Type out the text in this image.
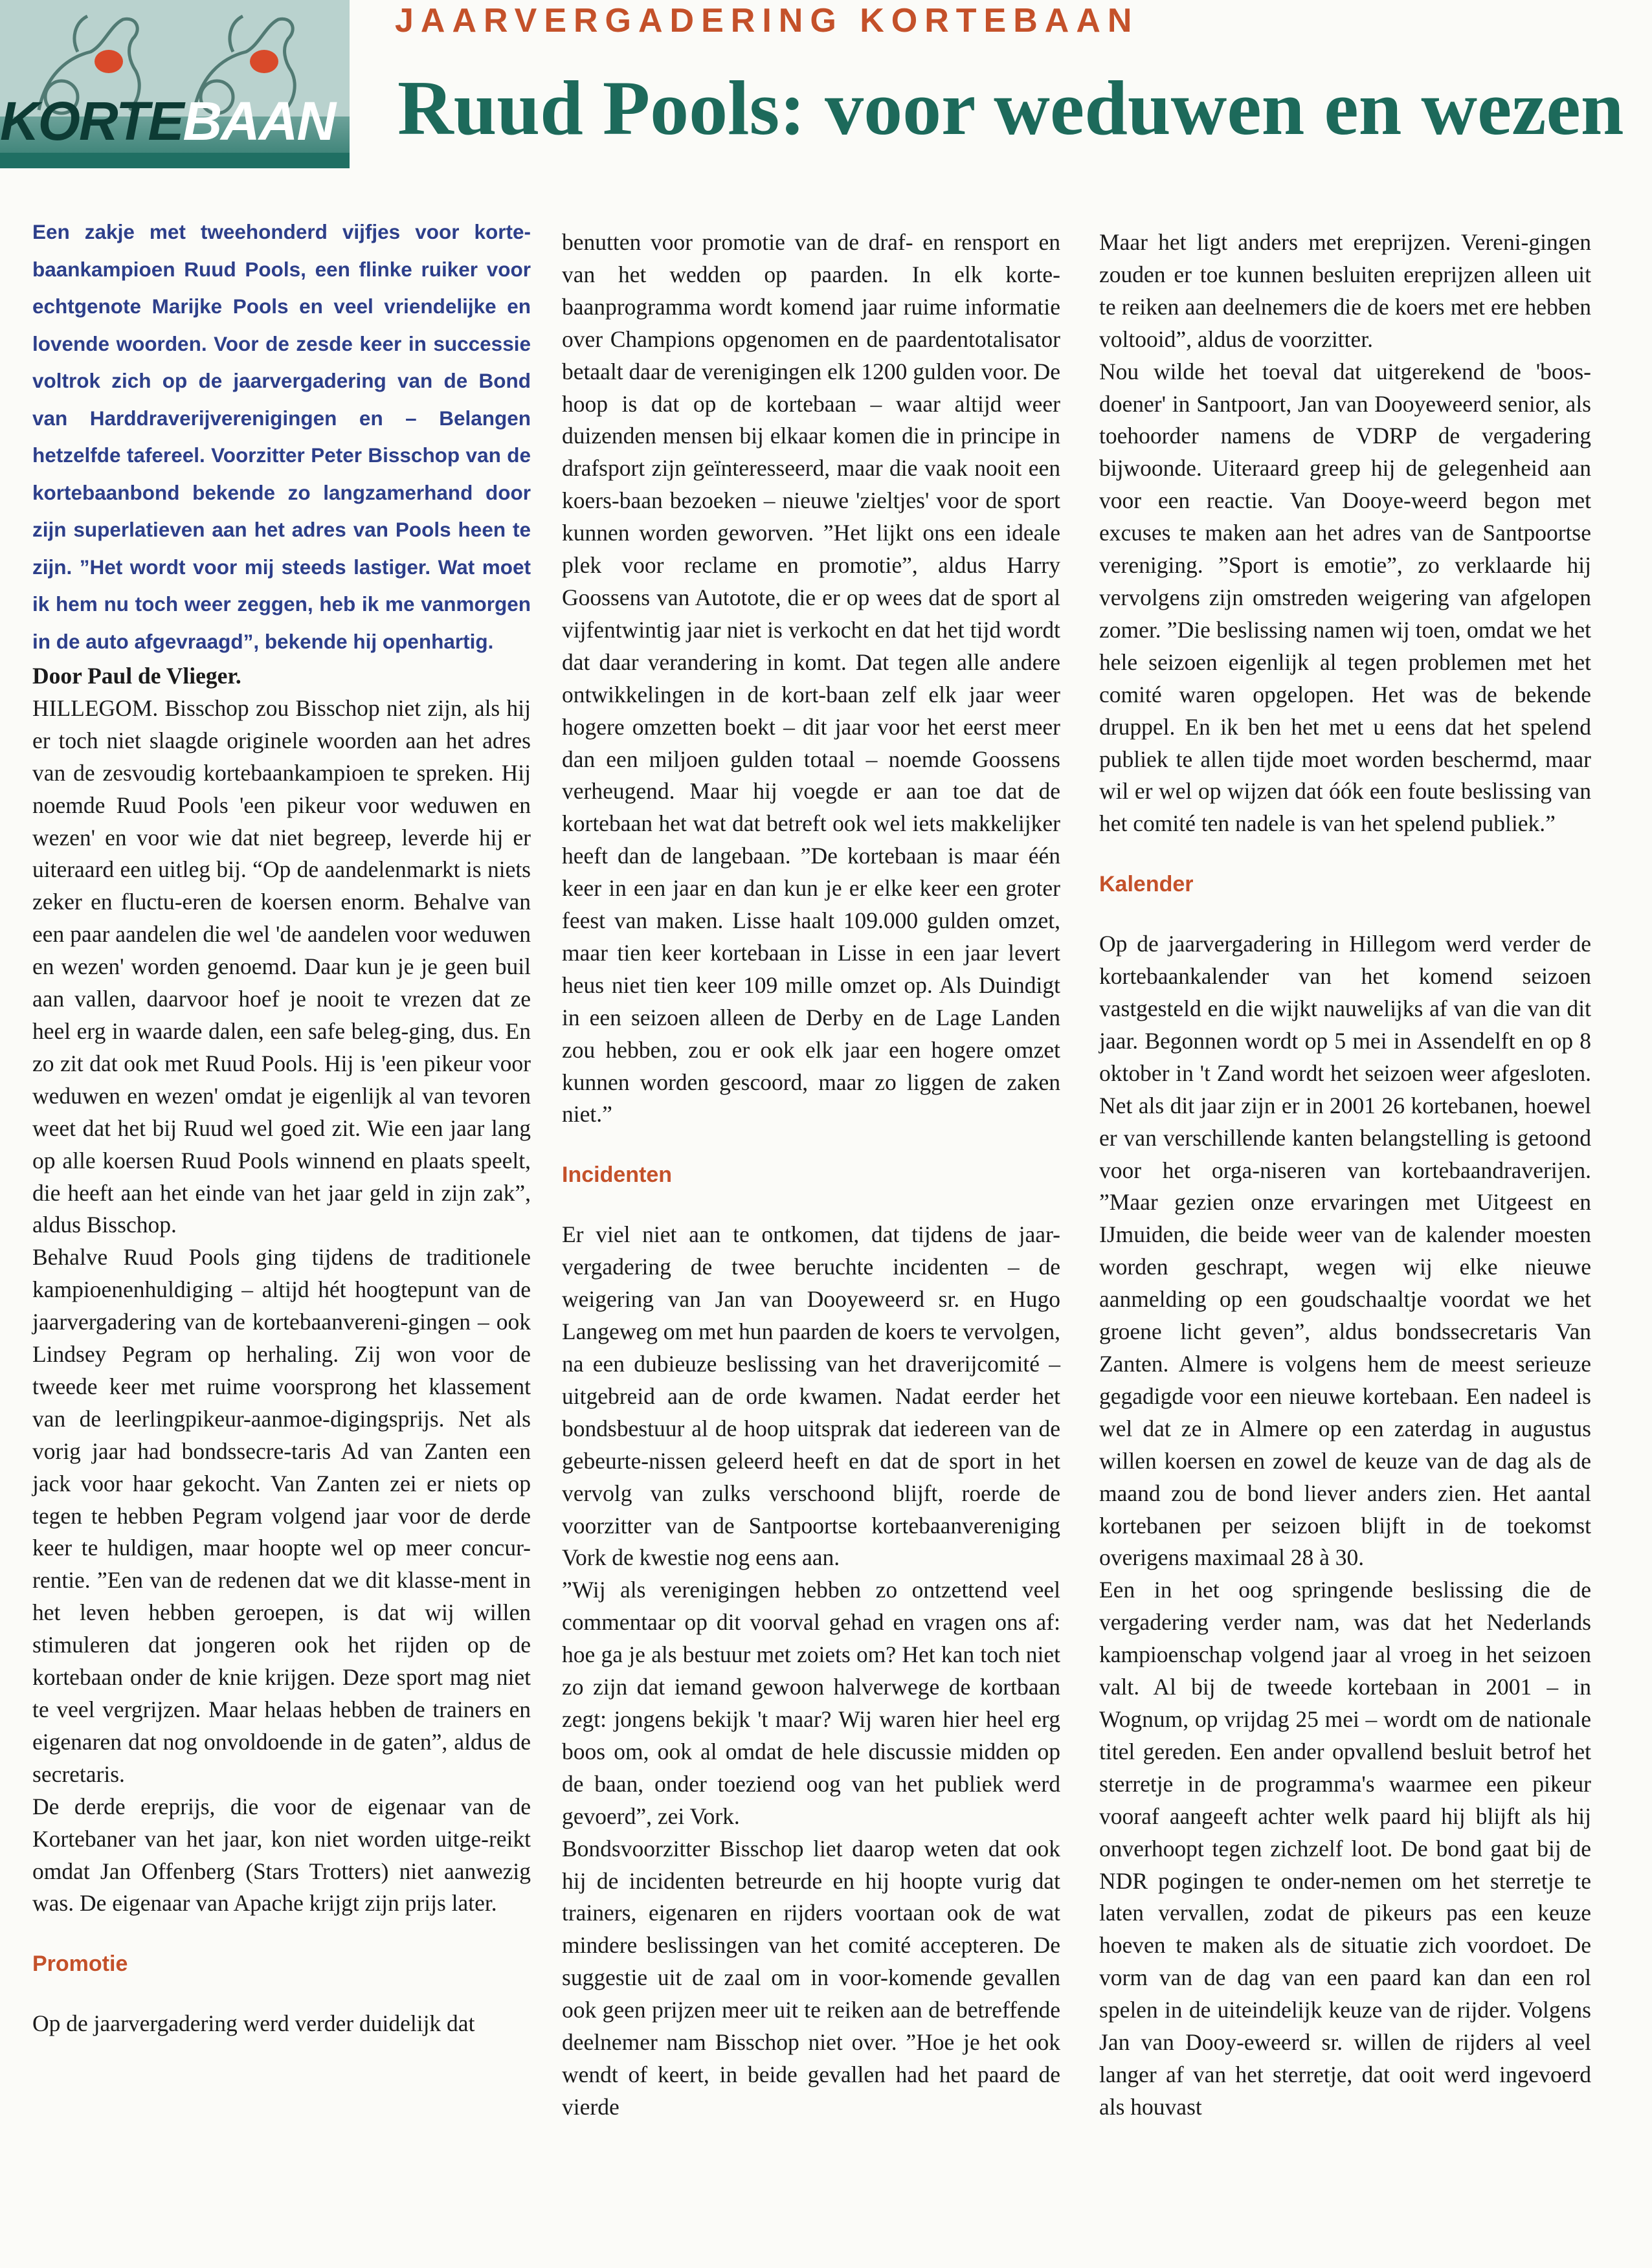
KORTEBAAN
JAARVERGADERING KORTEBAAN
Ruud Pools: voor weduwen en wezen

Een zakje met tweehonderd vijfjes voor korte-baankampioen Ruud Pools, een flinke ruiker voor echtgenote Marijke Pools en veel vriendelijke en lovende woorden. Voor de zesde keer in successie voltrok zich op de jaarvergadering van de Bond van Harddraverijverenigingen en – Belangen hetzelfde tafereel. Voorzitter Peter Bisschop van de kortebaanbond bekende zo langzamerhand door zijn superlatieven aan het adres van Pools heen te zijn. ”Het wordt voor mij steeds lastiger. Wat moet ik hem nu toch weer zeggen, heb ik me vanmorgen in de auto afgevraagd”, bekende hij openhartig.

Door Paul de Vlieger.

HILLEGOM. Bisschop zou Bisschop niet zijn, als hij er toch niet slaagde originele woorden aan het adres van de zesvoudig kortebaankampioen te spreken. Hij noemde Ruud Pools 'een pikeur voor weduwen en wezen' en voor wie dat niet begreep, leverde hij er uiteraard een uitleg bij. “Op de aandelenmarkt is niets zeker en fluctu-eren de koersen enorm. Behalve van een paar aandelen die wel 'de aandelen voor weduwen en wezen' worden genoemd. Daar kun je je geen buil aan vallen, daarvoor hoef je nooit te vrezen dat ze heel erg in waarde dalen, een safe beleg-ging, dus. En zo zit dat ook met Ruud Pools. Hij is 'een pikeur voor weduwen en wezen' omdat je eigenlijk al van tevoren weet dat het bij Ruud wel goed zit. Wie een jaar lang op alle koersen Ruud Pools winnend en plaats speelt, die heeft aan het einde van het jaar geld in zijn zak”, aldus Bisschop.

Behalve Ruud Pools ging tijdens de traditionele kampioenenhuldiging – altijd hét hoogtepunt van de jaarvergadering van de kortebaanvereni-gingen – ook Lindsey Pegram op herhaling. Zij won voor de tweede keer met ruime voorsprong het klassement van de leerlingpikeur-aanmoe-digingsprijs. Net als vorig jaar had bondssecre-taris Ad van Zanten een jack voor haar gekocht. Van Zanten zei er niets op tegen te hebben Pegram volgend jaar voor de derde keer te huldigen, maar hoopte wel op meer concur-rentie. ”Een van de redenen dat we dit klasse-ment in het leven hebben geroepen, is dat wij willen stimuleren dat jongeren ook het rijden op de kortebaan onder de knie krijgen. Deze sport mag niet te veel vergrijzen. Maar helaas hebben de trainers en eigenaren dat nog onvoldoende in de gaten”, aldus de secretaris.

De derde ereprijs, die voor de eigenaar van de Kortebaner van het jaar, kon niet worden uitge-reikt omdat Jan Offenberg (Stars Trotters) niet aanwezig was. De eigenaar van Apache krijgt zijn prijs later.

Promotie

Op de jaarvergadering werd verder duidelijk dat

benutten voor promotie van de draf- en rensport en van het wedden op paarden. In elk korte-baanprogramma wordt komend jaar ruime informatie over Champions opgenomen en de paardentotalisator betaalt daar de verenigingen elk 1200 gulden voor. De hoop is dat op de kortebaan – waar altijd weer duizenden mensen bij elkaar komen die in principe in drafsport zijn geïnteresseerd, maar die vaak nooit een koers-baan bezoeken – nieuwe 'zieltjes' voor de sport kunnen worden geworven. ”Het lijkt ons een ideale plek voor reclame en promotie”, aldus Harry Goossens van Autotote, die er op wees dat de sport al vijfentwintig jaar niet is verkocht en dat het tijd wordt dat daar verandering in komt. Dat tegen alle andere ontwikkelingen in de kort-baan zelf elk jaar weer hogere omzetten boekt – dit jaar voor het eerst meer dan een miljoen gulden totaal – noemde Goossens verheugend. Maar hij voegde er aan toe dat de kortebaan het wat dat betreft ook wel iets makkelijker heeft dan de langebaan. ”De kortebaan is maar één keer in een jaar en dan kun je er elke keer een groter feest van maken. Lisse haalt 109.000 gulden omzet, maar tien keer kortebaan in Lisse in een jaar levert heus niet tien keer 109 mille omzet op. Als Duindigt in een seizoen alleen de Derby en de Lage Landen zou hebben, zou er ook elk jaar een hogere omzet kunnen worden gescoord, maar zo liggen de zaken niet.”

Incidenten

Er viel niet aan te ontkomen, dat tijdens de jaar-vergadering de twee beruchte incidenten – de weigering van Jan van Dooyeweerd sr. en Hugo Langeweg om met hun paarden de koers te vervolgen, na een dubieuze beslissing van het draverijcomité – uitgebreid aan de orde kwamen. Nadat eerder het bondsbestuur al de hoop uitsprak dat iedereen van de gebeurte-nissen geleerd heeft en dat de sport in het vervolg van zulks verschoond blijft, roerde de voorzitter van de Santpoortse kortebaanvereniging Vork de kwestie nog eens aan.

”Wij als verenigingen hebben zo ontzettend veel commentaar op dit voorval gehad en vragen ons af: hoe ga je als bestuur met zoiets om? Het kan toch niet zo zijn dat iemand gewoon halverwege de kortbaan zegt: jongens bekijk 't maar? Wij waren hier heel erg boos om, ook al omdat de hele discussie midden op de baan, onder toeziend oog van het publiek werd gevoerd”, zei Vork.

Bondsvoorzitter Bisschop liet daarop weten dat ook hij de incidenten betreurde en hij hoopte vurig dat trainers, eigenaren en rijders voortaan ook de wat mindere beslissingen van het comité accepteren. De suggestie uit de zaal om in voor-komende gevallen ook geen prijzen meer uit te reiken aan de betreffende deelnemer nam Bisschop niet over. ”Hoe je het ook wendt of keert, in beide gevallen had het paard de vierde

Maar het ligt anders met ereprijzen. Vereni-gingen zouden er toe kunnen besluiten ereprijzen alleen uit te reiken aan deelnemers die de koers met ere hebben voltooid”, aldus de voorzitter.

Nou wilde het toeval dat uitgerekend de 'boos-doener' in Santpoort, Jan van Dooyeweerd senior, als toehoorder namens de VDRP de vergadering bijwoonde. Uiteraard greep hij de gelegenheid aan voor een reactie. Van Dooye-weerd begon met excuses te maken aan het adres van de Santpoortse vereniging. ”Sport is emotie”, zo verklaarde hij vervolgens zijn omstreden weigering van afgelopen zomer. ”Die beslissing namen wij toen, omdat we het hele seizoen eigenlijk al tegen problemen met het comité waren opgelopen. Het was de bekende druppel. En ik ben het met u eens dat het spelend publiek te allen tijde moet worden beschermd, maar wil er wel op wijzen dat óók een foute beslissing van het comité ten nadele is van het spelend publiek.”

Kalender

Op de jaarvergadering in Hillegom werd verder de kortebaankalender van het komend seizoen vastgesteld en die wijkt nauwelijks af van die van dit jaar. Begonnen wordt op 5 mei in Assendelft en op 8 oktober in 't Zand wordt het seizoen weer afgesloten. Net als dit jaar zijn er in 2001 26 kortebanen, hoewel er van verschillende kanten belangstelling is getoond voor het orga-niseren van kortebaandraverijen. ”Maar gezien onze ervaringen met Uitgeest en IJmuiden, die beide weer van de kalender moesten worden geschrapt, wegen wij elke nieuwe aanmelding op een goudschaaltje voordat we het groene licht geven”, aldus bondssecretaris Van Zanten. Almere is volgens hem de meest serieuze gegadigde voor een nieuwe kortebaan. Een nadeel is wel dat ze in Almere op een zaterdag in augustus willen koersen en zowel de keuze van de dag als de maand zou de bond liever anders zien. Het aantal kortebanen per seizoen blijft in de toekomst overigens maximaal 28 à 30.

Een in het oog springende beslissing die de vergadering verder nam, was dat het Nederlands kampioenschap volgend jaar al vroeg in het seizoen valt. Al bij de tweede kortebaan in 2001 – in Wognum, op vrijdag 25 mei – wordt om de nationale titel gereden. Een ander opvallend besluit betrof het sterretje in de programma's waarmee een pikeur vooraf aangeeft achter welk paard hij blijft als hij onverhoopt tegen zichzelf loot. De bond gaat bij de NDR pogingen te onder-nemen om het sterretje te laten vervallen, zodat de pikeurs pas een keuze hoeven te maken als de situatie zich voordoet. De vorm van de dag van een paard kan dan een rol spelen in de uiteindelijk keuze van de rijder. Volgens Jan van Dooy-eweerd sr. willen de rijders al veel langer af van het sterretje, dat ooit werd ingevoerd als houvast
